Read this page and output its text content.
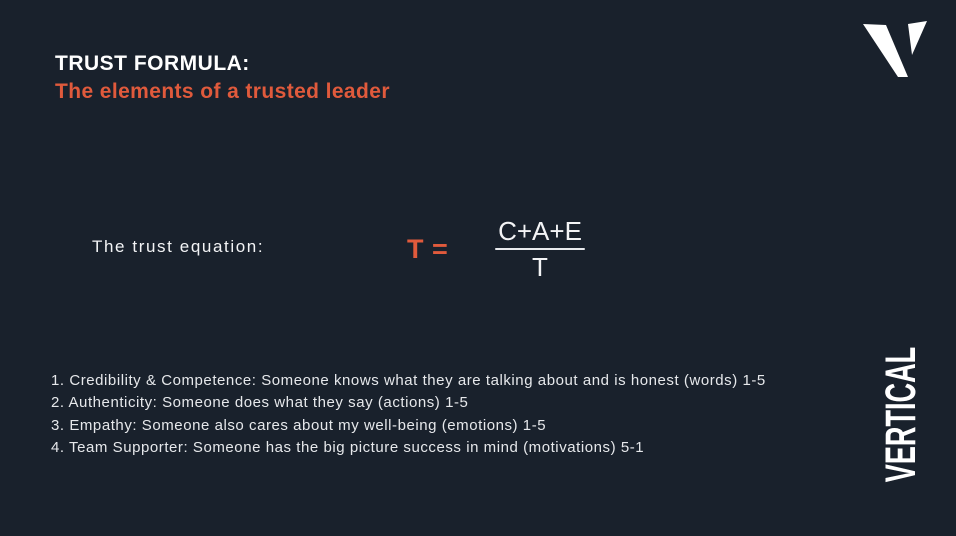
TRUST FORMULA:
The elements of a trusted leader
The trust equation:	T =
C+A+E
T
1. Credibility & Competence: Someone knows what they are talking about and is honest (words) 1-5
2. Authenticity: Someone does what they say (actions) 1-5
3. Empathy: Someone also cares about my well-being (emotions) 1-5
4. Team Supporter: Someone has the big picture success in mind (motivations) 5-1	VERTICAL
